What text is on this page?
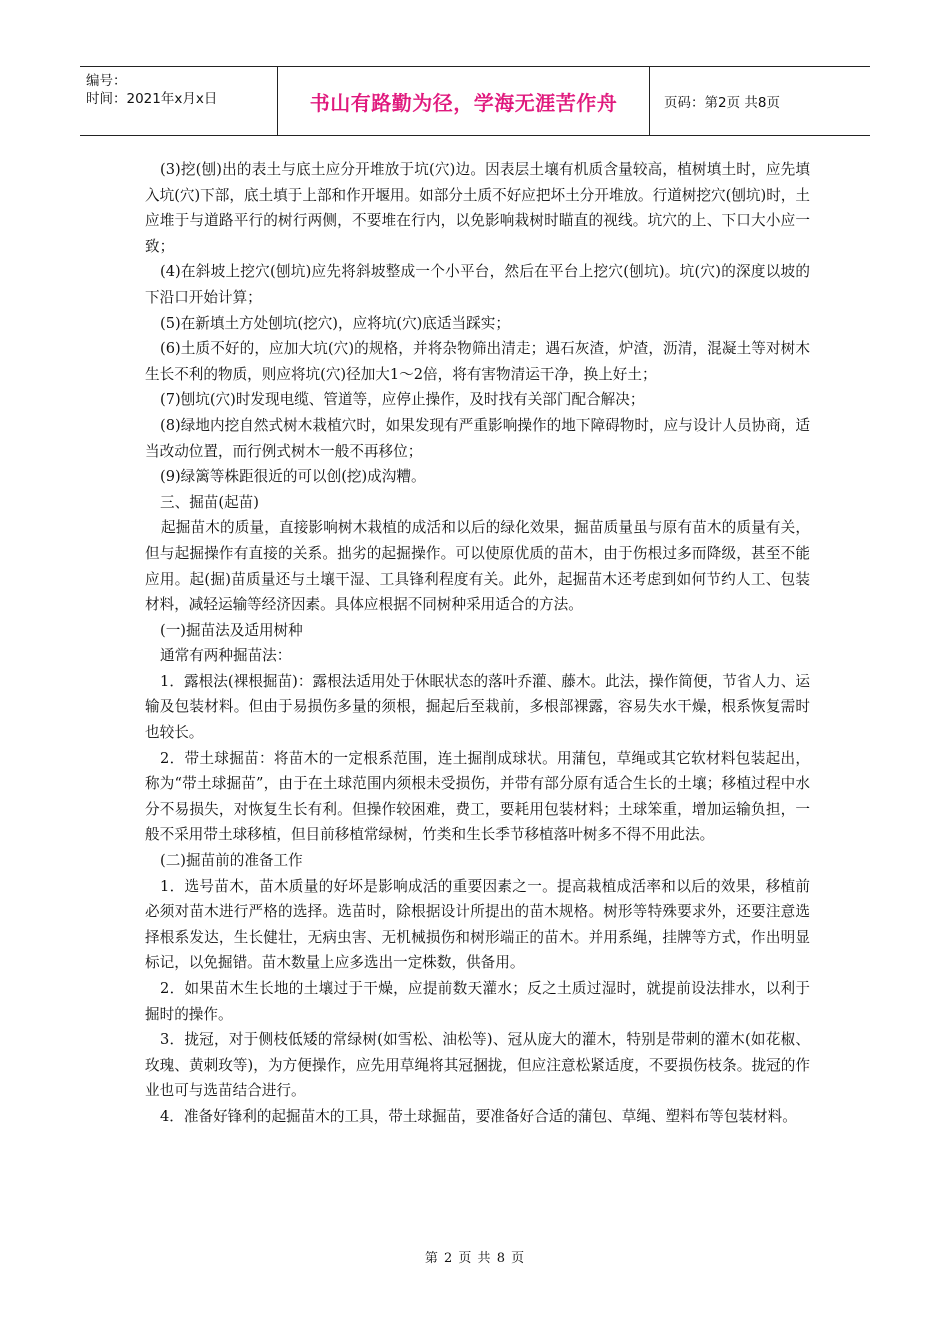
编号：
时间：2021年x月x日	书山有路勤为径，学海无涯苦作舟	页码：第2页 共8页

(3)挖(刨)出的表土与底土应分开堆放于坑(穴)边。因表层土壤有机质含量较高，植树填土时，应先填入坑(穴)下部，底土填于上部和作开堰用。如部分土质不好应把坏土分开堆放。行道树挖穴(刨坑)时，土应堆于与道路平行的树行两侧，不要堆在行内，以免影响栽树时瞄直的视线。坑穴的上、下口大小应一致；

(4)在斜坡上挖穴(刨坑)应先将斜坡整成一个小平台，然后在平台上挖穴(刨坑)。坑(穴)的深度以坡的下沿口开始计算；

(5)在新填土方处刨坑(挖穴)，应将坑(穴)底适当踩实；

(6)土质不好的，应加大坑(穴)的规格，并将杂物筛出清走；遇石灰渣，炉渣，沥清，混凝土等对树木生长不利的物质，则应将坑(穴)径加大1～2倍，将有害物清运干净，换上好土；

(7)刨坑(穴)时发现电缆、管道等，应停止操作，及时找有关部门配合解决；

(8)绿地内挖自然式树木栽植穴时，如果发现有严重影响操作的地下障碍物时，应与设计人员协商，适当改动位置，而行例式树木一般不再移位；

(9)绿篱等株距很近的可以创(挖)成沟糟。

三、掘苗(起苗)

起掘苗木的质量，直接影响树木栽植的成活和以后的绿化效果，掘苗质量虽与原有苗木的质量有关，但与起掘操作有直接的关系。拙劣的起掘操作。可以使原优质的苗木，由于伤根过多而降级，甚至不能应用。起(掘)苗质量还与土壤干湿、工具锋利程度有关。此外，起掘苗木还考虑到如何节约人工、包装材料，减轻运输等经济因素。具体应根据不同树种采用适合的方法。

(一)掘苗法及适用树种

通常有两种掘苗法：

1．露根法(裸根掘苗)：露根法适用处于休眠状态的落叶乔灌、藤木。此法，操作简便，节省人力、运输及包装材料。但由于易损伤多量的须根，掘起后至栽前，多根部裸露，容易失水干燥，根系恢复需时也较长。

2．带土球掘苗：将苗木的一定根系范围，连土掘削成球状。用蒲包，草绳或其它软材料包装起出，称为“带土球掘苗”，由于在土球范围内须根未受损伤，并带有部分原有适合生长的土壤；移植过程中水分不易损失，对恢复生长有利。但操作较困难，费工，要耗用包装材料；土球笨重，增加运输负担，一般不采用带土球移植，但目前移植常绿树，竹类和生长季节移植落叶树多不得不用此法。

(二)掘苗前的准备工作

1．选号苗木，苗木质量的好坏是影响成活的重要因素之一。提高栽植成活率和以后的效果，移植前必须对苗木进行严格的选择。选苗时，除根据设计所提出的苗木规格。树形等特殊要求外，还要注意选择根系发达，生长健壮，无病虫害、无机械损伤和树形端正的苗木。并用系绳，挂牌等方式，作出明显标记，以免掘错。苗木数量上应多选出一定株数，供备用。

2．如果苗木生长地的土壤过于干燥，应提前数天灌水；反之土质过湿时，就提前设法排水，以利于掘时的操作。

3．拢冠，对于侧枝低矮的常绿树(如雪松、油松等)、冠从庞大的灌木，特别是带刺的灌木(如花椒、玫瑰、黄刺玫等)，为方便操作，应先用草绳将其冠捆拢，但应注意松紧适度，不要损伤枝条。拢冠的作业也可与选苗结合进行。

4．准备好锋利的起掘苗木的工具，带土球掘苗，要准备好合适的蒲包、草绳、塑料布等包装材料。

第 2 页 共 8 页
